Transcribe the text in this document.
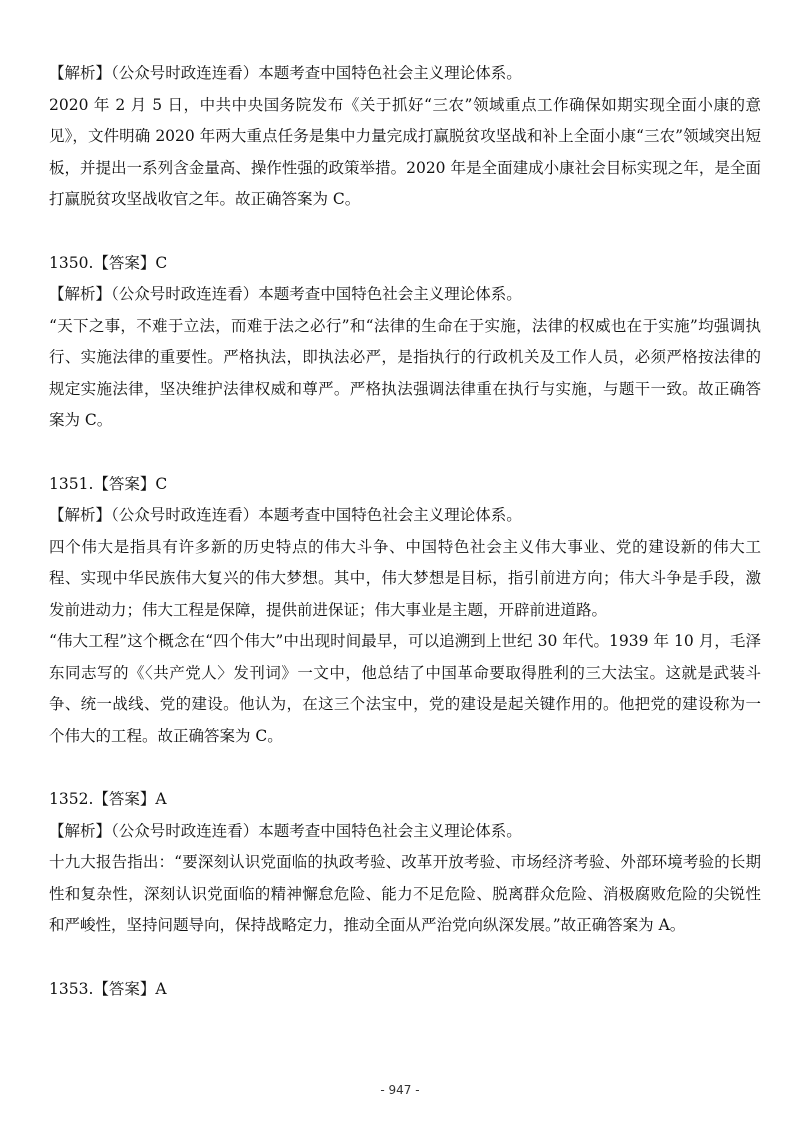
【解析】（公众号时政连连看）本题考查中国特色社会主义理论体系。

2020 年 2 月 5 日，中共中央国务院发布《关于抓好“三农”领域重点工作确保如期实现全面小康的意见》，文件明确 2020 年两大重点任务是集中力量完成打赢脱贫攻坚战和补上全面小康“三农”领域突出短板，并提出一系列含金量高、操作性强的政策举措。2020 年是全面建成小康社会目标实现之年，是全面打赢脱贫攻坚战收官之年。故正确答案为 C。

1350.【答案】C

【解析】（公众号时政连连看）本题考查中国特色社会主义理论体系。

“天下之事，不难于立法，而难于法之必行”和“法律的生命在于实施，法律的权威也在于实施”均强调执行、实施法律的重要性。严格执法，即执法必严，是指执行的行政机关及工作人员，必须严格按法律的规定实施法律，坚决维护法律权威和尊严。严格执法强调法律重在执行与实施，与题干一致。故正确答案为 C。

1351.【答案】C

【解析】（公众号时政连连看）本题考查中国特色社会主义理论体系。

四个伟大是指具有许多新的历史特点的伟大斗争、中国特色社会主义伟大事业、党的建设新的伟大工程、实现中华民族伟大复兴的伟大梦想。其中，伟大梦想是目标，指引前进方向；伟大斗争是手段，激发前进动力；伟大工程是保障，提供前进保证；伟大事业是主题，开辟前进道路。

“伟大工程”这个概念在“四个伟大”中出现时间最早，可以追溯到上世纪 30 年代。1939 年 10 月，毛泽东同志写的《〈共产党人〉发刊词》一文中，他总结了中国革命要取得胜利的三大法宝。这就是武装斗争、统一战线、党的建设。他认为，在这三个法宝中，党的建设是起关键作用的。他把党的建设称为一个伟大的工程。故正确答案为 C。

1352.【答案】A

【解析】（公众号时政连连看）本题考查中国特色社会主义理论体系。

十九大报告指出：“要深刻认识党面临的执政考验、改革开放考验、市场经济考验、外部环境考验的长期性和复杂性，深刻认识党面临的精神懈怠危险、能力不足危险、脱离群众危险、消极腐败危险的尖锐性和严峻性，坚持问题导向，保持战略定力，推动全面从严治党向纵深发展。”故正确答案为 A。

1353.【答案】A

- 947 -
